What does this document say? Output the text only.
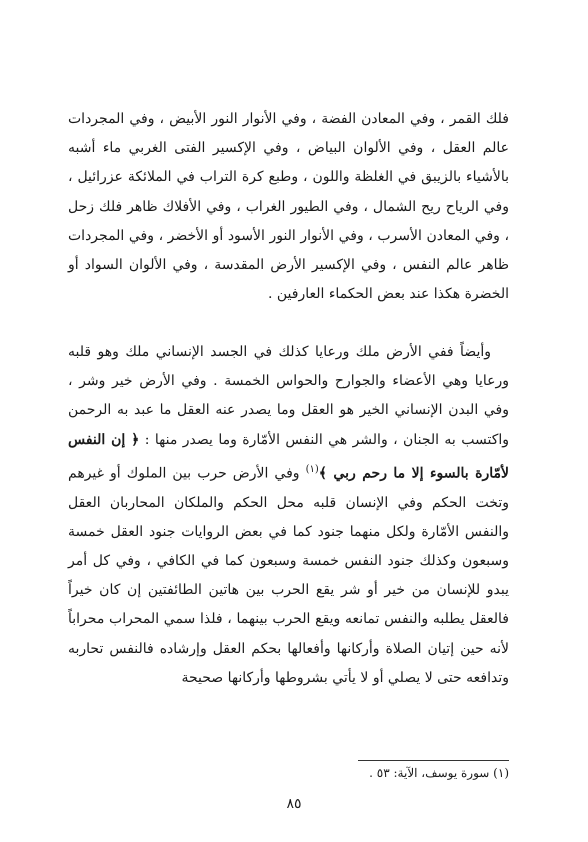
فلك القمر ، وفي المعادن الفضة ، وفي الأنوار النور الأبيض ، وفي المجردات عالم العقل ، وفي الألوان البياض ، وفي الإكسير الفتى الغربي ماء أشبه بالأشياء بالزيبق في الغلظة واللون ، وطبع كرة التراب في الملائكة عزرائيل ، وفي الرياح ريح الشمال ، وفي الطيور الغراب ، وفي الأفلاك ظاهر فلك زحل ، وفي المعادن الأسرب ، وفي الأنوار النور الأسود أو الأخضر ، وفي المجردات ظاهر عالم النفس ، وفي الإكسير الأرض المقدسة ، وفي الألوان السواد أو الخضرة هكذا عند بعض الحكماء العارفين .

وأيضاً ففي الأرض ملك ورعايا كذلك في الجسد الإنساني ملك وهو قلبه ورعايا وهي الأعضاء والجوارح والحواس الخمسة . وفي الأرض خير وشر ، وفي البدن الإنساني الخير هو العقل وما يصدر عنه العقل ما عبد به الرحمن واكتسب به الجنان ، والشر هي النفس الأمّارة وما يصدر منها : ﴿ إن النفس لأمّارة بالسوء إلا ما رحم ربي ﴾$^{(١)}$ وفي الأرض حرب بين الملوك أو غيرهم وتخت الحكم وفي الإنسان قلبه محل الحكم والملكان المحاربان العقل والنفس الأمّارة ولكل منهما جنود كما في بعض الروايات جنود العقل خمسة وسبعون وكذلك جنود النفس خمسة وسبعون كما في الكافي ، وفي كل أمر يبدو للإنسان من خير أو شر يقع الحرب بين هاتين الطائفتين إن كان خيراً فالعقل يطلبه والنفس تمانعه ويقع الحرب بينهما ، فلذا سمي المحراب محراباً لأنه حين إتيان الصلاة وأركانها وأفعالها بحكم العقل وإرشاده فالنفس تحاربه وتدافعه حتى لا يصلي أو لا يأتي بشروطها وأركانها صحيحة

(١) سورة يوسف، الآية: ٥٣ .
٨٥
